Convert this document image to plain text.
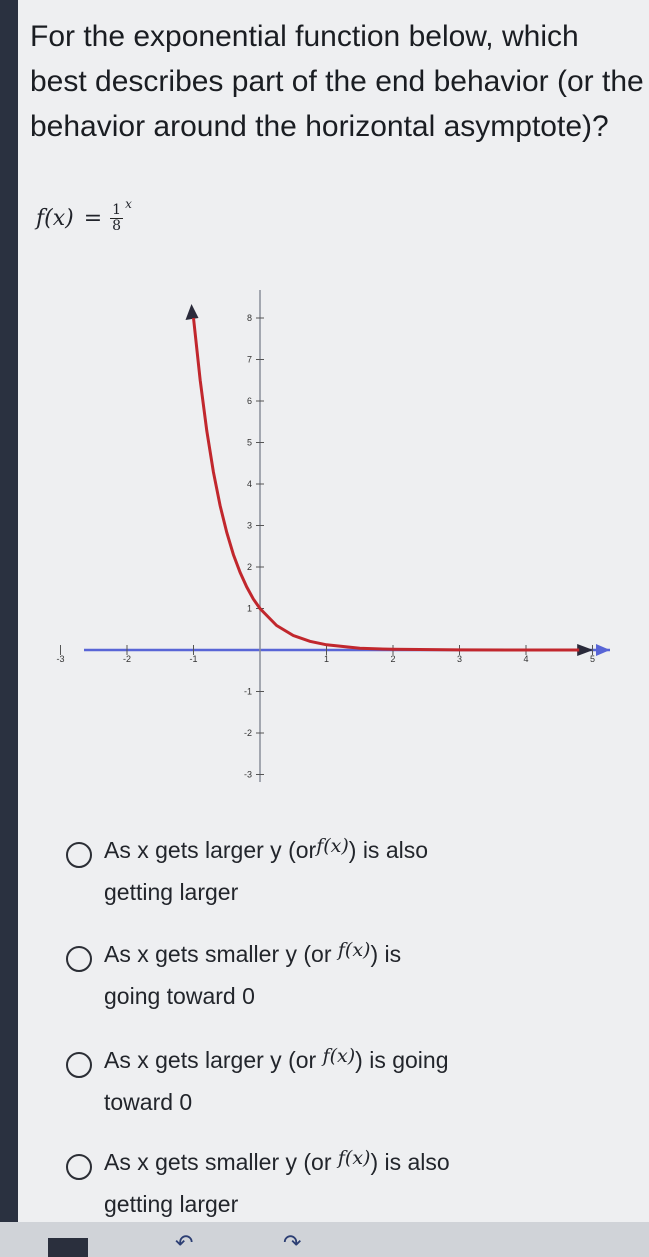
For the exponential function below, which
best describes part of the end behavior (or the
behavior around the horizontal asymptote)?
$f(x) = \frac{1}{8}$ x
-3	-2	-1	1	2	3	4	5
8
7
6
5
4
3
2
1
-1
-2
-3
As x gets larger y $(or^{f(x)})$ is also
getting larger
As x gets smaller y (or $^{f(x)}$) is
going toward 0
As x gets larger y (or $^{f(x)}$) is going
toward 0
As x gets smaller y (or $^{f(x)}$) is also
getting larger
↶	↷
